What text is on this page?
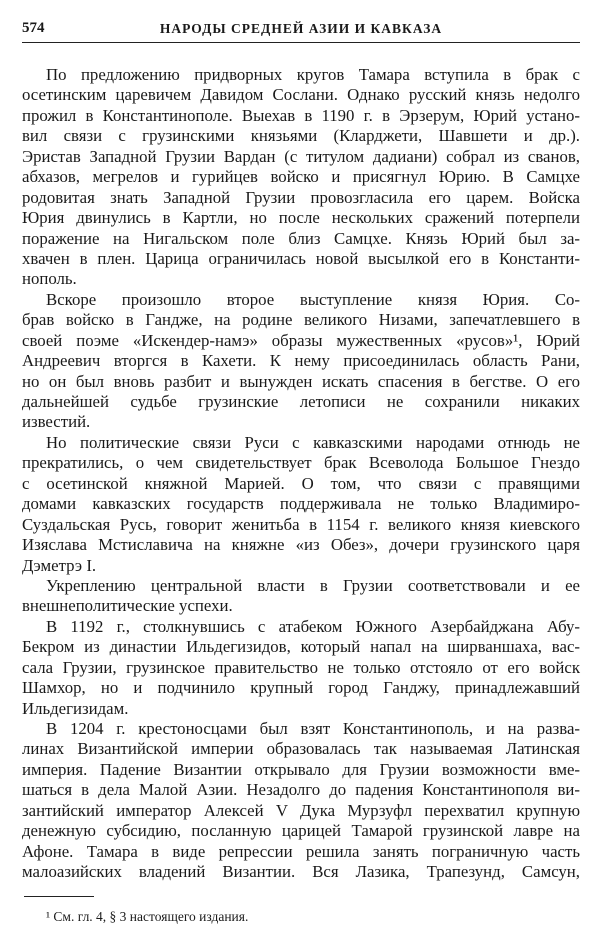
574	НАРОДЫ СРЕДНЕЙ АЗИИ И КАВКАЗА
По предложению придворных кругов Тамара вступила в брак с
осетинским царевичем Давидом Сослани. Однако русский князь недолго
прожил в Константинополе. Выехав в 1190 г. в Эрзерум, Юрий устано-
вил связи с грузинскими князьями (Кларджети, Шавшети и др.).
Эристав Западной Грузии Вардан (с титулом дадиани) собрал из сванов,
абхазов, мегрелов и гурийцев войско и присягнул Юрию. В Самцхе
родовитая знать Западной Грузии провозгласила его царем. Войска
Юрия двинулись в Картли, но после нескольких сражений потерпели
поражение на Нигальском поле близ Самцхе. Князь Юрий был за-
хвачен в плен. Царица ограничилась новой высылкой его в Константи-
нополь.
Вскоре произошло второе выступление князя Юрия. Со-
брав войско в Гандже, на родине великого Низами, запечатлевшего в
своей поэме «Искендер-намэ» образы мужественных «русов»¹, Юрий
Андреевич вторгся в Кахети. К нему присоединилась область Рани,
но он был вновь разбит и вынужден искать спасения в бегстве. О его
дальнейшей судьбе грузинские летописи не сохранили никаких
известий.
Но политические связи Руси с кавказскими народами отнюдь не
прекратились, о чем свидетельствует брак Всеволода Большое Гнездо
с осетинской княжной Марией. О том, что связи с правящими
домами кавказских государств поддерживала не только Владимиро-
Суздальская Русь, говорит женитьба в 1154 г. великого князя киевского
Изяслава Мстиславича на княжне «из Обез», дочери грузинского царя
Дэметрэ I.
Укреплению центральной власти в Грузии соответствовали и ее
внешнеполитические успехи.
В 1192 г., столкнувшись с атабеком Южного Азербайджана Абу-
Бекром из династии Ильдегизидов, который напал на ширваншаха, вас-
сала Грузии, грузинское правительство не только отстояло от его войск
Шамхор, но и подчинило крупный город Ганджу, принадлежавший
Ильдегизидам.
В 1204 г. крестоносцами был взят Константинополь, и на разва-
линах Византийской империи образовалась так называемая Латинская
империя. Падение Византии открывало для Грузии возможности вме-
шаться в дела Малой Азии. Незадолго до падения Константинополя ви-
зантийский император Алексей V Дука Мурзуфл перехватил крупную
денежную субсидию, посланную царицей Тамарой грузинской лавре на
Афоне. Тамара в виде репрессии решила занять пограничную часть
малоазийских владений Византии. Вся Лазика, Трапезунд, Самсун,
¹ См. гл. 4, § 3 настоящего издания.
